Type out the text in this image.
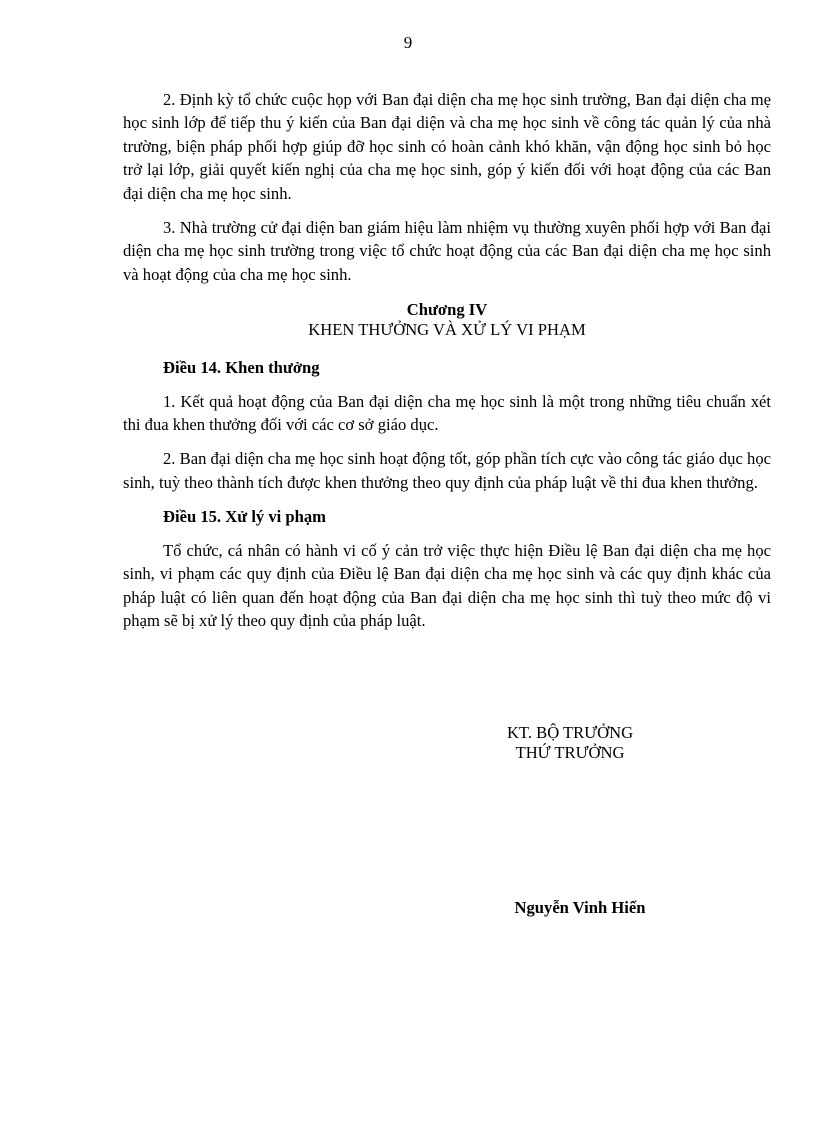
9

2. Định kỳ tổ chức cuộc họp với Ban đại diện cha mẹ học sinh trường, Ban đại diện cha mẹ học sinh lớp để tiếp thu ý kiến của Ban đại diện và cha mẹ học sinh về công tác quản lý của nhà trường, biện pháp phối hợp giúp đỡ học sinh có hoàn cảnh khó khăn, vận động học sinh bỏ học trở lại lớp, giải quyết kiến nghị của cha mẹ học sinh, góp ý kiến đối với hoạt động của các Ban đại diện cha mẹ học sinh.

3. Nhà trường cử đại diện ban giám hiệu làm nhiệm vụ thường xuyên phối hợp với Ban đại diện cha mẹ học sinh trường trong việc tổ chức hoạt động của các Ban đại diện cha mẹ học sinh và hoạt động của cha mẹ học sinh.

Chương IV
KHEN THƯỞNG VÀ XỬ LÝ VI PHẠM
Điều 14. Khen thưởng

1. Kết quả hoạt động của Ban đại diện cha mẹ học sinh là một trong những tiêu chuẩn xét thi đua khen thưởng đối với các cơ sở giáo dục.

2. Ban đại diện cha mẹ học sinh hoạt động tốt, góp phần tích cực vào công tác giáo dục học sinh, tuỳ theo thành tích được khen thưởng theo quy định của pháp luật về thi đua khen thưởng.

Điều 15. Xử lý vi phạm

Tổ chức, cá nhân có hành vi cố ý cản trở việc thực hiện Điều lệ Ban đại diện cha mẹ học sinh, vi phạm các quy định của Điều lệ Ban đại diện cha mẹ học sinh và các quy định khác của pháp luật có liên quan đến hoạt động của Ban đại diện cha mẹ học sinh thì tuỳ theo mức độ vi phạm sẽ bị xử lý theo quy định của pháp luật.

KT. BỘ TRƯỞNG
THỨ TRƯỞNG
Nguyễn Vinh Hiển
